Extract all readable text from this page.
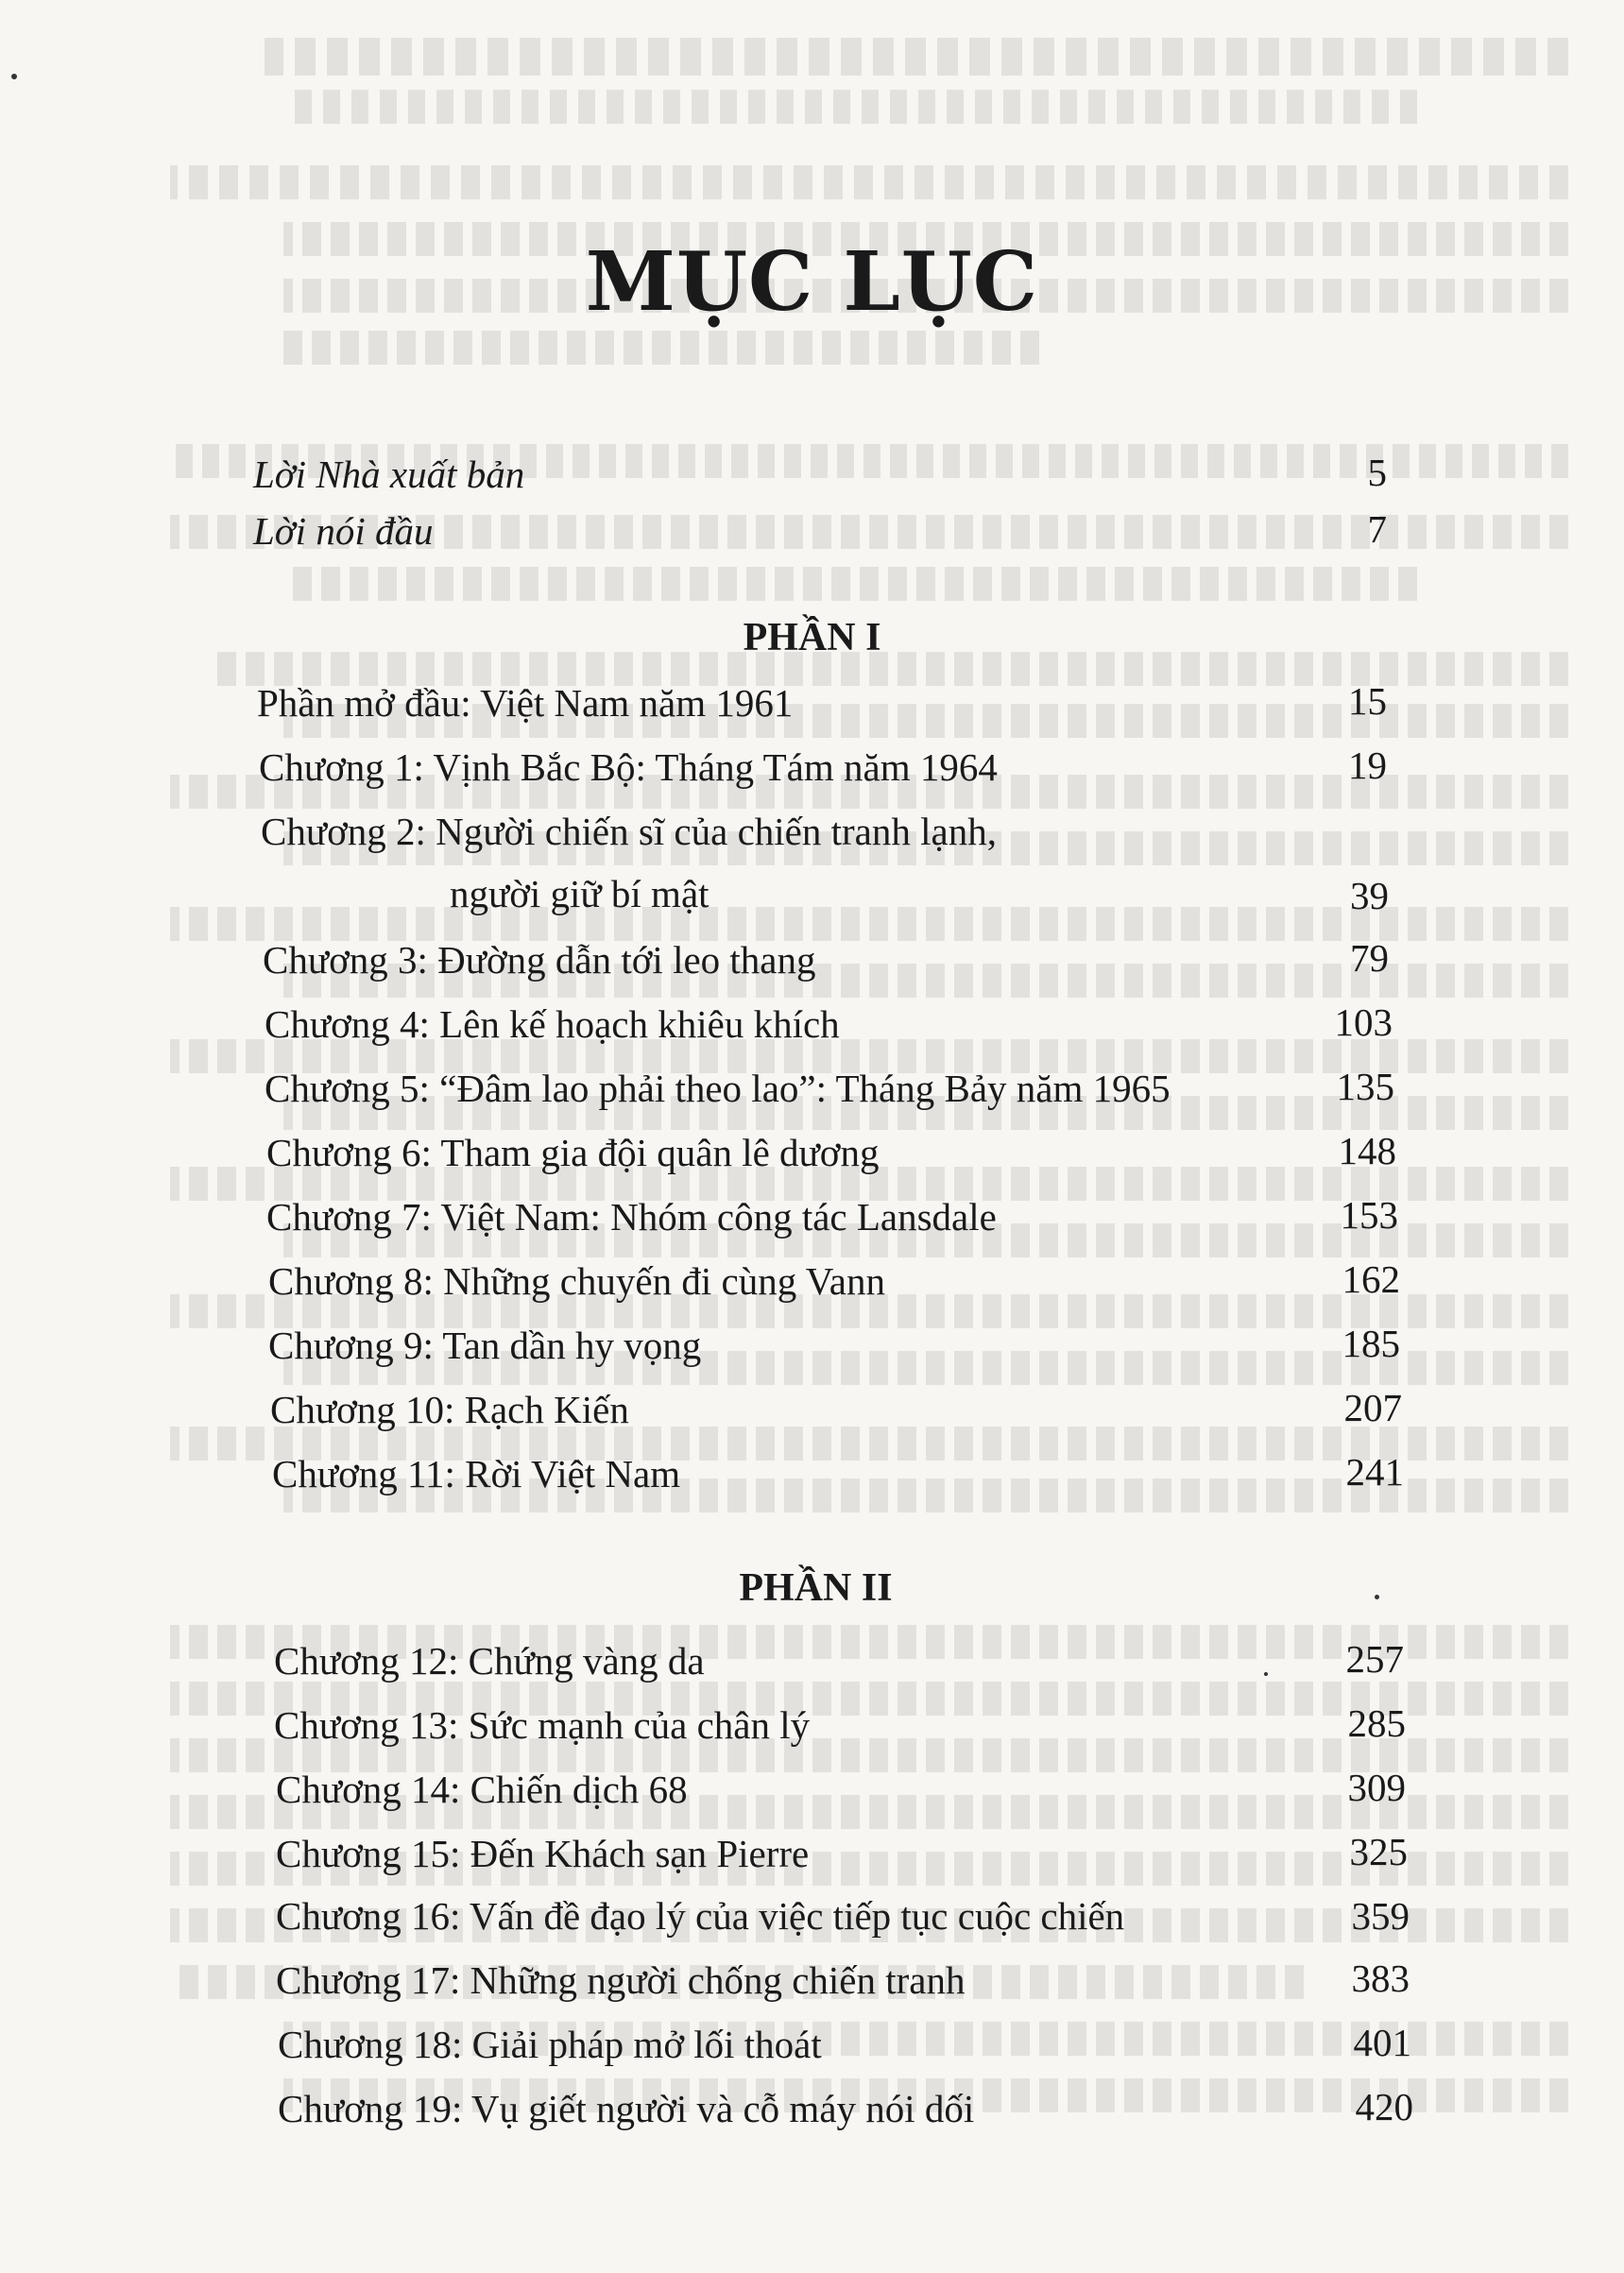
MỤC LỤC
Lời Nhà xuất bản	5
Lời nói đầu	7
PHẦN I
Phần mở đầu: Việt Nam năm 1961	15
Chương 1: Vịnh Bắc Bộ: Tháng Tám năm 1964	19
Chương 2: Người chiến sĩ của chiến tranh lạnh,
người giữ bí mật	39
Chương 3: Đường dẫn tới leo thang	79
Chương 4: Lên kế hoạch khiêu khích	103
Chương 5: “Đâm lao phải theo lao”: Tháng Bảy năm 1965	135
Chương 6: Tham gia đội quân lê dương	148
Chương 7: Việt Nam: Nhóm công tác Lansdale	153
Chương 8: Những chuyến đi cùng Vann	162
Chương 9: Tan dần hy vọng	185
Chương 10: Rạch Kiến	207
Chương 11: Rời Việt Nam	241
PHẦN II
Chương 12: Chứng vàng da	257
Chương 13: Sức mạnh của chân lý	285
Chương 14: Chiến dịch 68	309
Chương 15: Đến Khách sạn Pierre	325
Chương 16: Vấn đề đạo lý của việc tiếp tục cuộc chiến	359
Chương 17: Những người chống chiến tranh	383
Chương 18: Giải pháp mở lối thoát	401
Chương 19: Vụ giết người và cỗ máy nói dối	420
